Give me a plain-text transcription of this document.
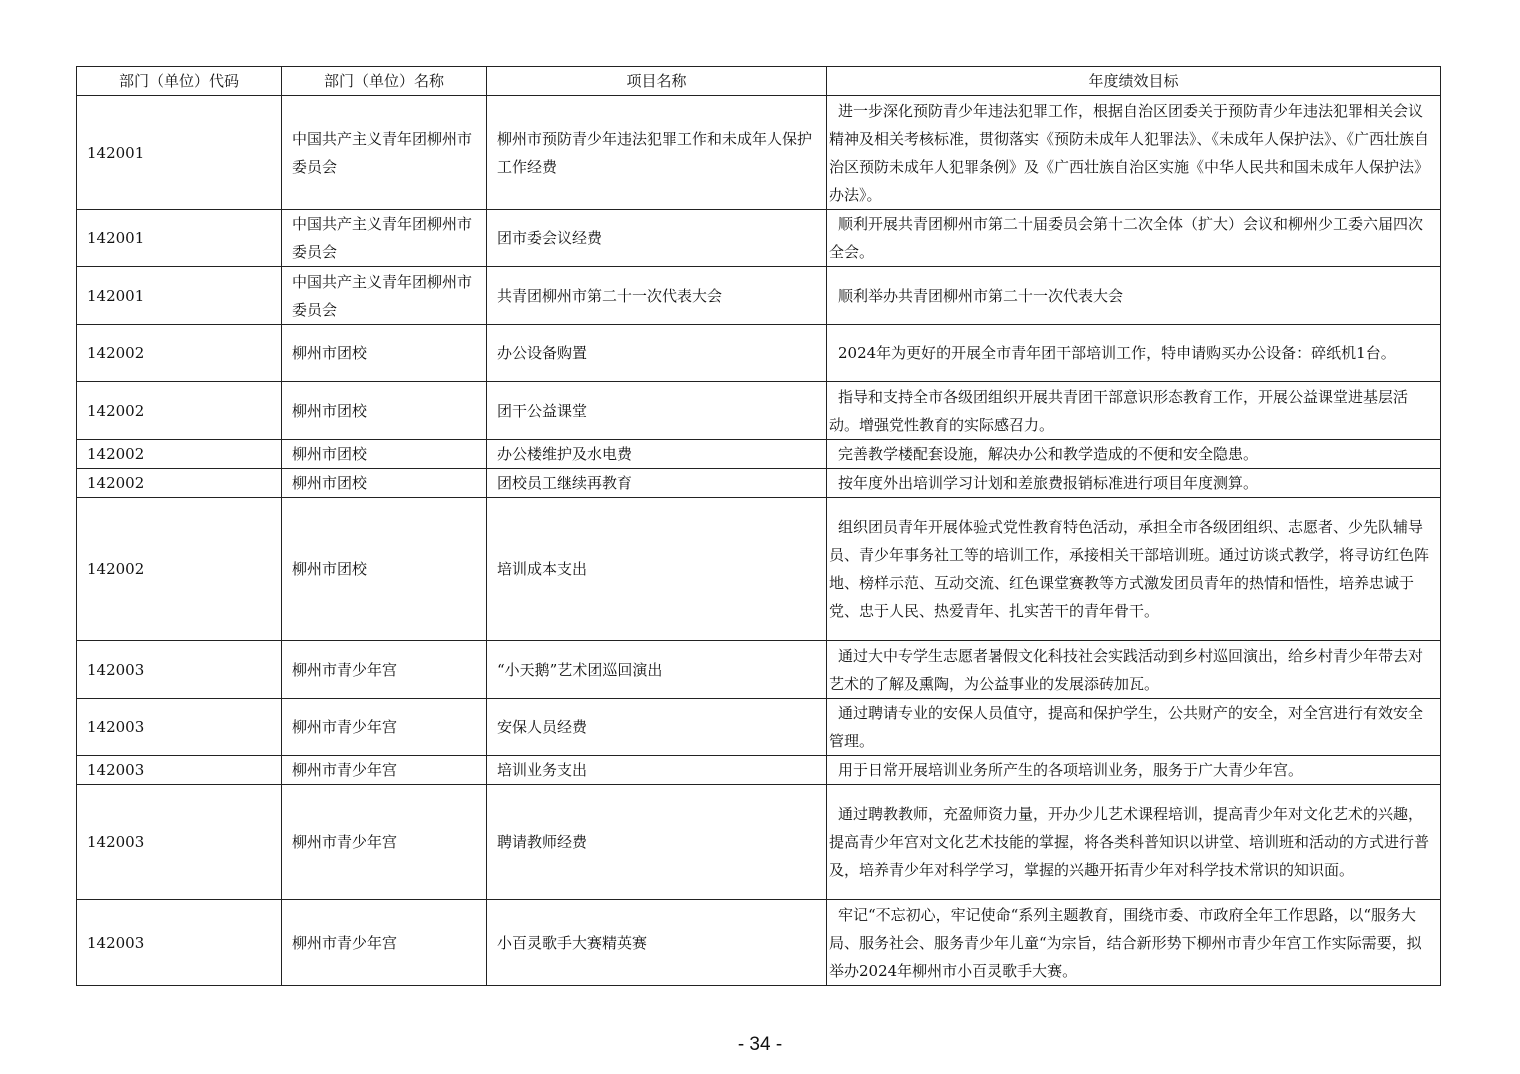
部门（单位）代码	部门（单位）名称	项目名称	年度绩效目标
142001	中国共产主义青年团柳州市委员会	柳州市预防青少年违法犯罪工作和未成年人保护工作经费	进一步深化预防青少年违法犯罪工作，根据自治区团委关于预防青少年违法犯罪相关会议精神及相关考核标准，贯彻落实《预防未成年人犯罪法》、《未成年人保护法》、《广西壮族自治区预防未成年人犯罪条例》及《广西壮族自治区实施《中华人民共和国未成年人保护法》办法》。
142001	中国共产主义青年团柳州市委员会	团市委会议经费	顺利开展共青团柳州市第二十届委员会第十二次全体（扩大）会议和柳州少工委六届四次全会。
142001	中国共产主义青年团柳州市委员会	共青团柳州市第二十一次代表大会	顺利举办共青团柳州市第二十一次代表大会
142002	柳州市团校	办公设备购置	2024年为更好的开展全市青年团干部培训工作，特申请购买办公设备：碎纸机1台。
142002	柳州市团校	团干公益课堂	指导和支持全市各级团组织开展共青团干部意识形态教育工作，开展公益课堂进基层活动。增强党性教育的实际感召力。
142002	柳州市团校	办公楼维护及水电费	完善教学楼配套设施，解决办公和教学造成的不便和安全隐患。
142002	柳州市团校	团校员工继续再教育	按年度外出培训学习计划和差旅费报销标准进行项目年度测算。
142002	柳州市团校	培训成本支出	组织团员青年开展体验式党性教育特色活动，承担全市各级团组织、志愿者、少先队辅导员、青少年事务社工等的培训工作，承接相关干部培训班。通过访谈式教学，将寻访红色阵地、榜样示范、互动交流、红色课堂赛教等方式激发团员青年的热情和悟性，培养忠诚于党、忠于人民、热爱青年、扎实苦干的青年骨干。
142003	柳州市青少年宫	“小天鹅”艺术团巡回演出	通过大中专学生志愿者暑假文化科技社会实践活动到乡村巡回演出，给乡村青少年带去对艺术的了解及熏陶，为公益事业的发展添砖加瓦。
142003	柳州市青少年宫	安保人员经费	通过聘请专业的安保人员值守，提高和保护学生，公共财产的安全，对全宫进行有效安全管理。
142003	柳州市青少年宫	培训业务支出	用于日常开展培训业务所产生的各项培训业务，服务于广大青少年宫。
142003	柳州市青少年宫	聘请教师经费	通过聘教教师，充盈师资力量，开办少儿艺术课程培训，提高青少年对文化艺术的兴趣，提高青少年宫对文化艺术技能的掌握，将各类科普知识以讲堂、培训班和活动的方式进行普及，培养青少年对科学学习，掌握的兴趣开拓青少年对科学技术常识的知识面。
142003	柳州市青少年宫	小百灵歌手大赛精英赛	牢记“不忘初心，牢记使命“系列主题教育，围绕市委、市政府全年工作思路，以“服务大局、服务社会、服务青少年儿童“为宗旨，结合新形势下柳州市青少年宫工作实际需要，拟举办2024年柳州市小百灵歌手大赛。
- 34 -
